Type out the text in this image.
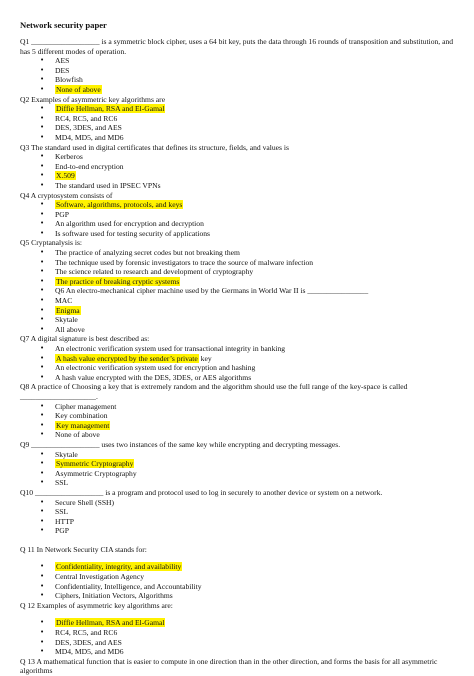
Network security paper
Q1 __________________ is a symmetric block cipher, uses a 64 bit key, puts the data through 16 rounds of transposition and substitution, and has 5 different modes of operation.
• AES
• DES
• Blowfish
• None of above
Q2 Examples of asymmetric key algorithms are
• Diffie Hellman, RSA and El-Gamal
• RC4, RC5, and RC6
• DES, 3DES, and AES
• MD4, MD5, and MD6
Q3 The standard used in digital certificates that defines its structure, fields, and values is
• Kerberos
• End-to-end encryption
• X.509
• The standard used in IPSEC VPNs
Q4 A cryptosystem consists of
• Software, algorithms, protocols, and keys
• PGP
• An algorithm used for encryption and decryption
• Is software used for testing security of applications
Q5 Cryptanalysis is:
• The practice of analyzing secret codes but not breaking them
• The technique used by forensic investigators to trace the source of malware infection
• The science related to research and development of cryptography
• The practice of breaking cryptic systems
• Q6 An electro-mechanical cipher machine used by the Germans in World War II is ________________
• MAC
• Enigma
• Skytale
• All above
Q7 A digital signature is best described as:
• An electronic verification system used for transactional integrity in banking
• A hash value encrypted by the sender’s private key
• An electronic verification system used for encryption and hashing
• A hash value encrypted with the DES, 3DES, or AES algorithms
Q8 A practice of Choosing a key that is extremely random and the algorithm should use the full range of the key-space is called ____________________.
• Cipher management
• Key combination
• Key management
• None of above
Q9 __________________ uses two instances of the same key while encrypting and decrypting messages.
• Skytale
• Symmetric Cryptography
• Asymmetric Cryptography
• SSL
Q10 __________________ is a program and protocol used to log in securely to another device or system on a network.
• Secure Shell (SSH)
• SSL
• HTTP
• PGP
Q 11 In Network Security CIA stands for:
• Confidentiality, integrity, and availability
• Central Investigation Agency
• Confidentiality, Intelligence, and Accountability
• Ciphers, Initiation Vectors, Algorithms
Q 12 Examples of asymmetric key algorithms are:
• Diffie Hellman, RSA and El-Gamal
• RC4, RC5, and RC6
• DES, 3DES, and AES
• MD4, MD5, and MD6
Q 13 A mathematical function that is easier to compute in one direction than in the other direction, and forms the basis for all asymmetric algorithms
